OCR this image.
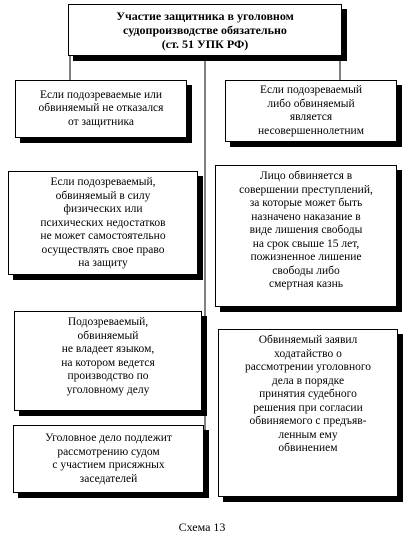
Участие защитника в уголовном
судопроизводстве обязательно
(ст. 51 УПК РФ)
Если подозреваемые или
обвиняемый не отказался
от защитника
Если подозреваемый,
обвиняемый в силу
физических или
психических недостатков
не может самостоятельно
осуществлять свое право
на защиту
Подозреваемый,
обвиняемый
не владеет языком,
на котором ведется
производство по
уголовному делу
Уголовное дело подлежит
рассмотрению судом
с участием присяжных
заседателей
Если подозреваемый
либо обвиняемый
является
несовершеннолетним
Лицо обвиняется в
совершении преступлений,
за которые может быть
назначено наказание в
виде лишения свободы
на срок свыше 15 лет,
пожизненное лишение
свободы либо
смертная казнь
Обвиняемый заявил
ходатайство о
рассмотрении уголовного
дела в порядке
принятия судебного
решения при согласии
обвиняемого с предъяв-
ленным ему
обвинением
Схема 13
